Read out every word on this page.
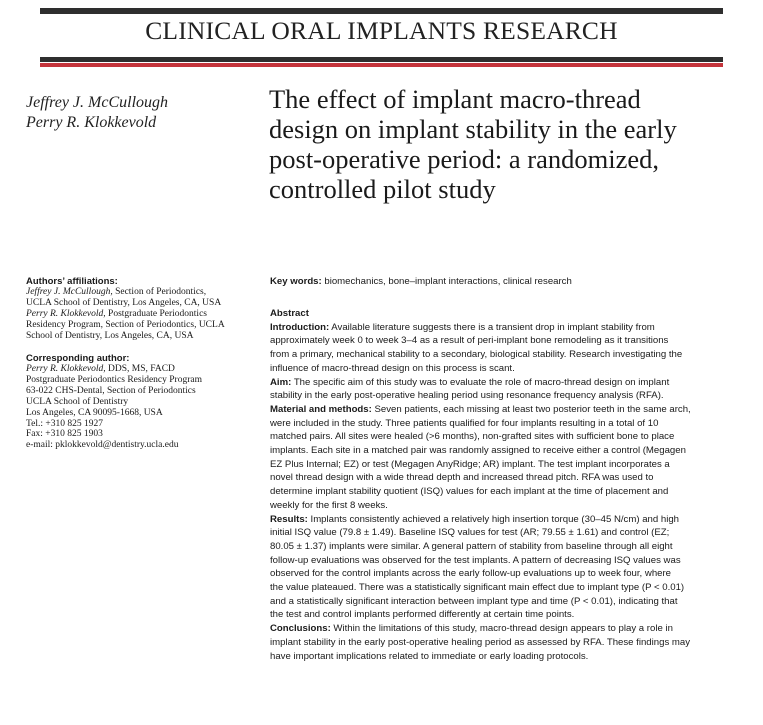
CLINICAL ORAL IMPLANTS RESEARCH
Jeffrey J. McCullough
Perry R. Klokkevold
The effect of implant macro-thread
design on implant stability in the early
post-operative period: a randomized,
controlled pilot study
Authors’ affiliations:
Jeffrey J. McCullough, Section of Periodontics,
UCLA School of Dentistry, Los Angeles, CA, USA
Perry R. Klokkevold, Postgraduate Periodontics
Residency Program, Section of Periodontics, UCLA
School of Dentistry, Los Angeles, CA, USA
Corresponding author:
Perry R. Klokkevold, DDS, MS, FACD
Postgraduate Periodontics Residency Program
63-022 CHS-Dental, Section of Periodontics
UCLA School of Dentistry
Los Angeles, CA 90095-1668, USA
Tel.: +310 825 1927
Fax: +310 825 1903
e-mail: pklokkevold@dentistry.ucla.edu
Key words: biomechanics, bone–implant interactions, clinical research
Abstract
Introduction: Available literature suggests there is a transient drop in implant stability from
approximately week 0 to week 3–4 as a result of peri-implant bone remodeling as it transitions
from a primary, mechanical stability to a secondary, biological stability. Research investigating the
influence of macro-thread design on this process is scant.
Aim: The specific aim of this study was to evaluate the role of macro-thread design on implant
stability in the early post-operative healing period using resonance frequency analysis (RFA).
Material and methods: Seven patients, each missing at least two posterior teeth in the same arch,
were included in the study. Three patients qualified for four implants resulting in a total of 10
matched pairs. All sites were healed (>6 months), non-grafted sites with sufficient bone to place
implants. Each site in a matched pair was randomly assigned to receive either a control (Megagen
EZ Plus Internal; EZ) or test (Megagen AnyRidge; AR) implant. The test implant incorporates a
novel thread design with a wide thread depth and increased thread pitch. RFA was used to
determine implant stability quotient (ISQ) values for each implant at the time of placement and
weekly for the first 8 weeks.
Results: Implants consistently achieved a relatively high insertion torque (30–45 N/cm) and high
initial ISQ value (79.8 ± 1.49). Baseline ISQ values for test (AR; 79.55 ± 1.61) and control (EZ;
80.05 ± 1.37) implants were similar. A general pattern of stability from baseline through all eight
follow-up evaluations was observed for the test implants. A pattern of decreasing ISQ values was
observed for the control implants across the early follow-up evaluations up to week four, where
the value plateaued. There was a statistically significant main effect due to implant type (P < 0.01)
and a statistically significant interaction between implant type and time (P < 0.01), indicating that
the test and control implants performed differently at certain time points.
Conclusions: Within the limitations of this study, macro-thread design appears to play a role in
implant stability in the early post-operative healing period as assessed by RFA. These findings may
have important implications related to immediate or early loading protocols.
